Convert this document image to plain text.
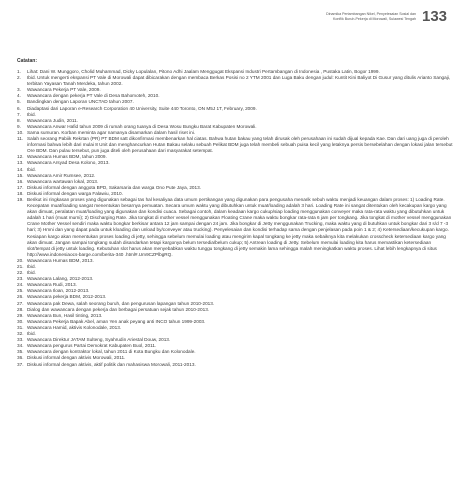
Dinamika Pertambangan Nikel, Penyelesaian Sosial dan
Konflik Buruh-Pekerja di Morowali, Sulawesi Tengah 133
Catatan:
1.	Lihat: Dani W. Munggoro, Cholid Muhammad, Dicky Lopulalan, Pitono Adhi Jaalam Menggugat Ekspansi Industri Pertambangan di Indonesia , Pustaka Latin, Bogor 1999.
2.	Ibid. Untuk mengerti ekspansi PT Vale di Morowali dapat dibicarakan dengan membaca Berkas Posisi no 2 YTM 2001 dan Luga Baku dengan judul: Kuntit Kini Baliyot Di Gusur yang ditulis Arianto Sangaji, terbitan Yayasan Tanah Merdeka, tahun 2002.
3.	Wawancara Pekerja PT Vale, 2009.
4.	Wawancara dengan pekerja PT Vale di Desa Bahomoteh, 2010.
5.	Bandingkan dengan Laporan UNCTAD tahun 2007.
6.	Diadaptasi dari Laporan e-Research Corporation 40 University, Suite 440 Toronto, ON M5J 1T, February, 2009.
7.	Ibid.
8.	Wawancara Judin, 2011.
9.	Wawancara Anwar Hafid tahun 2009 di rumah orang tuanya di Desa Wosu Bungku Barat Kabupaten Morowali.
10. Sama sumuran. Korban meminta agar namanya disamarkan dalam hasil riset ini.
11. Salah seorang Pabiik Rekrtan (PR) PT BDM satt dikonfirmasi membenarkan hal ciatas. Bahwa hutan bakau yang telah dirusak oleh perusahaan ini sudah dijual kepada Kae. Dan dari uang juga di peroleh informasi bahwa lebih dari mulai 8 Unit dan menghancurkan Hutan Bakau selaku sebuah Pelikat BDM juga telah membeli sebuah puisa kecil yang letaknya persis bersebelahan dengan lokasi jalan tersebut Ore BDM. Dan pulau tersebut, pun juga diteli oleh perusahaan dari masyarakat setempat.
12. Wawancara Humas BDM, tahun 2009.
13. Wawancara Arsyad Desa Kolono, 2013.
14. Ibid.
15. Wawancara Amir Rumsee, 2012.
16. Wawancara wartawan lokal, 2013.
17. Diskusi informal dengan anggota BPD, Sakarsaria dan warga Ono Pute Jaya, 2013.
18. Diskusi informal dengan warga Falawiu, 2010.
19. Berikut ini ringkasan proses yang digunakan sebagai tas hal kesaliyaa data umum pertikangan yang digunakan para pengusaha menarik sebuh waktu menjadi keuangan dalam proses: 1) Loading Rate. Kecepatan muat/loading sangat menentukan besarnya pemuatan. Secara umum waktu yang dibutuhkan untuk muat/loading adalah 3 hari. Loading Rate ini sangat ditentukan oleh kecakupan kargo yang akan dimuat, peralatan muat/loading yang digunakan dan kondisi cuaca. Sebagai contoh, dalam keadaan kargo cukup/siap loading menggunakan conveyer maka rata-rata waktu yang dibutuhkan untuk adalah 1 hari (muat murni); 2) Discharging Rate. Jika tongkat di mother vessel menggunakan Floating Crane maka waktu bongkar rata-rata 6 jam per tongkang. Jika tongkat di mother vessel menggunakan Crane Mother Vessel sendiri maka waktu bongkar berkisar antara 12 jam sampai dengan 24 jam. Jika bongkar di Jetty menggunakan Trucking, maka waktu yang di butuhkan untuk bongkar dari 3 s/d 7 -3 hari; 3) Hmni dan yang dapat pada untuk kloading dan unload by/conveyer atau trucking). Penyelesaian dan kondisi terhadap sama dengan penjelasan pada poin 1 & 2; 4) Ketersediaan/kecukupan kargo. Kesiapan kargo akan menentukan proses loading di jetty, sehingga sebelum memulai loading atau mengirim kapal tongkang ke jetty maka sebaiknya kita melakukan crosscheck ketersediaan kargo yang akan dimuat. Jangan sampai tongkang sudah disandarkan tetapi kargonya belum tersedia/belum cukup; 5) Antrean loading di Jetty. Sebelum memulai loading kita harus memastikan ketersediaan slot/tempat di jetty untuk loading. Kebutuhan slot harus akan menyebabkan waktu tunggu tongkang di jetty semakin lama sehingga malah meningkatkan waktu proses. Lihat lebih lengkapnya di situs http://www.indonesiaocs-barge.com/berita-340 .html#.Um9CZPlbgRQ.
20. Wawancara Humas BDM, 2013.
21. Ibid.
22. Ibid.
23. Wawancara Lalang, 2012-2013.
24. Wawancara Rudi, 2013.
25. Wawancara Iloan, 2012-2013.
26. Wawancara pekerja BDM, 2012-2013.
27. Wawancara pak Dewa, salah seorang buruh, dan pengurusan lapangan tahun 2010-2013.
28. Dialog dan wawancara dengan pekerja dan berbagai persatuan sejak tahun 2010-2013.
29. Wawancara Bun, Hasil tinting, 2013.
30. Wawancara Pekerja Bapak Abel, aman Yen anak peyang anti INCO tahun 1999-2003.
31. Wawancara Hamid, aktivis Kolonodale, 2013.
32. Ibid.
33. Wawancara Direktur JATAM Sulteng, Syahrudin Ariestal Douw, 2013.
34. Wawancara pengurus Partai Demokrat Kabupaten Buol, 2011.
35. Wawancara dengan kontraktor lokal, tahun 2011 di Kota Bungku dan Kolonodale.
36. Diskusi informal dengan aktivis Morowali, 2011.
37. Diskusi informal dengan aktivis, aktif politik dan mahasiswa Morowali, 2011-2013.
